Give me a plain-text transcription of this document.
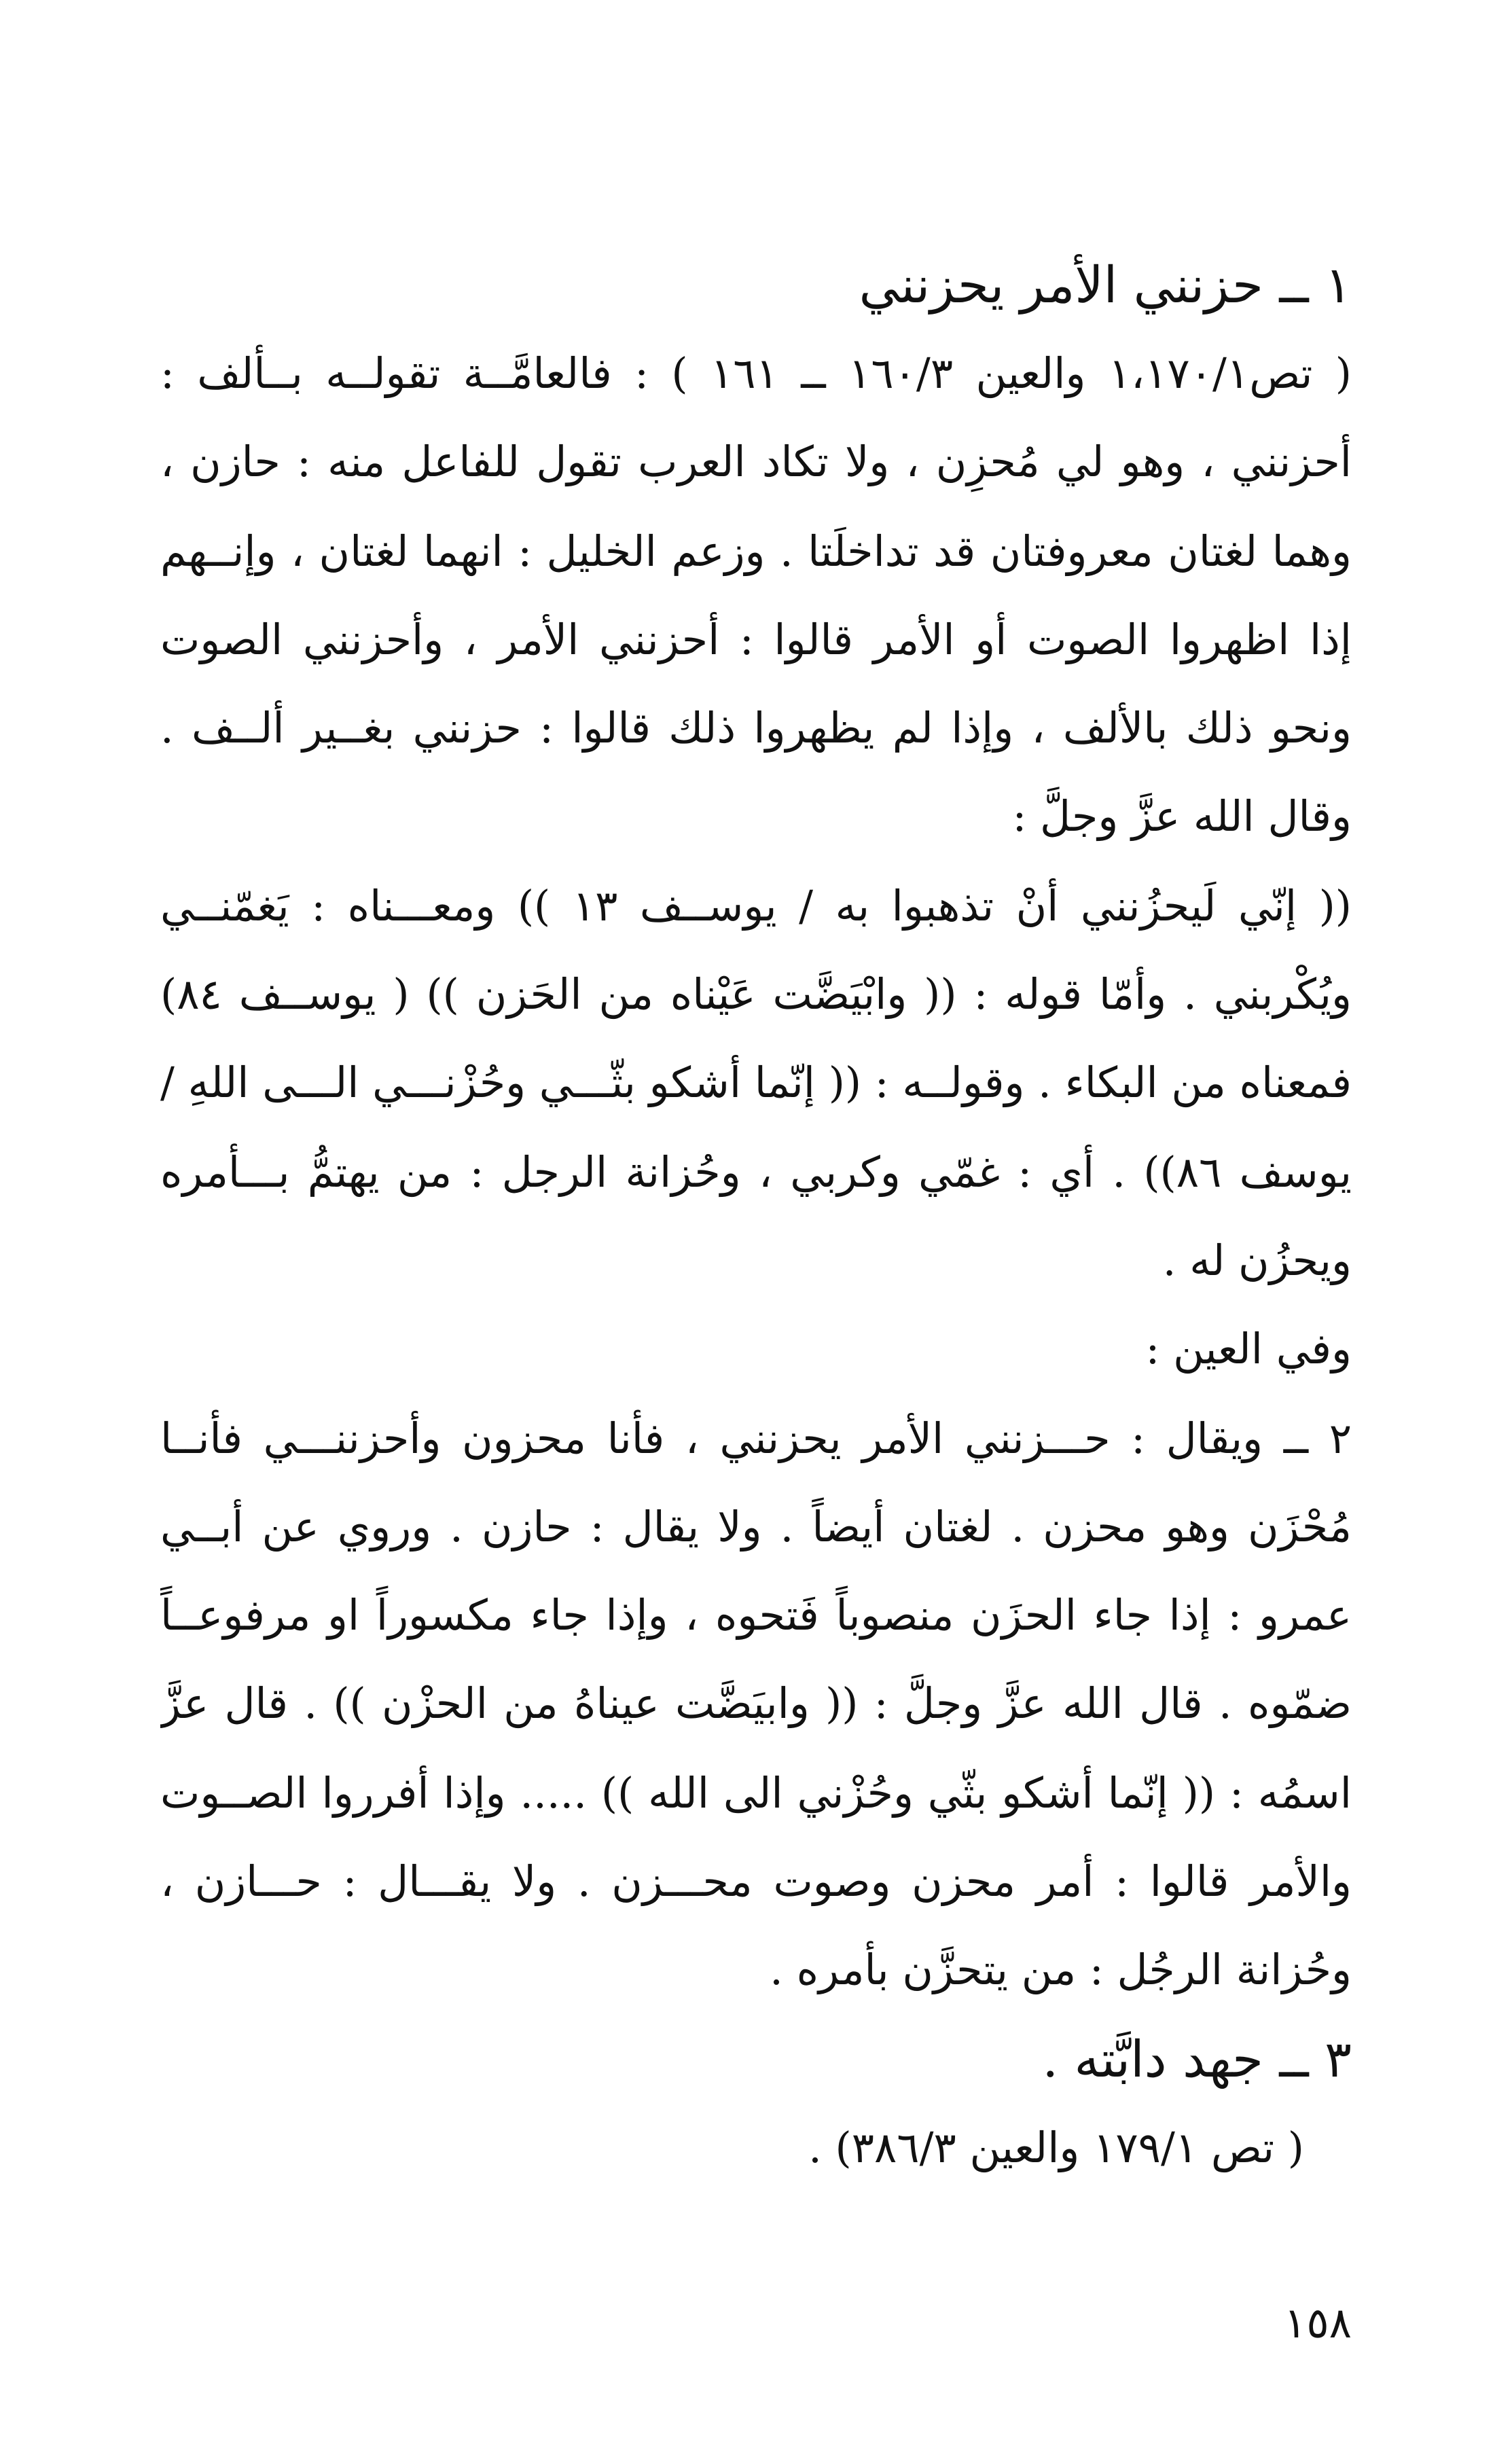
١ ــ حزنني الأمر يحزنني
( تص١،١٧٠/١ والعين ١٦٠/٣ ــ ١٦١ ) : فالعامَّــة تقولــه بــألف :
أحزنني ، وهو لي مُحزِن ، ولا تكاد العرب تقول للفاعل منه : حازن ،
وهما لغتان معروفتان قد تداخلَتا . وزعم الخليل : انهما لغتان ، وإنــهم
إذا اظهروا الصوت أو الأمر قالوا : أحزنني الأمر ، وأحزنني الصوت
ونحو ذلك بالألف ، وإذا لم يظهروا ذلك قالوا : حزنني بغــير ألــف .
وقال الله عزَّ وجلَّ :
(( إنّي لَيحزُنني أنْ تذهبوا به / يوســف ١٣ )) ومعـــناه : يَغمّنــي
ويُكْربني . وأمّا قوله : (( وابْيَضَّت عَيْناه من الحَزن )) ( يوســف ٨٤)
فمعناه من البكاء . وقولــه : (( إنّما أشكو بثّـــي وحُزْنـــي الـــى اللهِ /
يوسف ٨٦)) . أي : غمّي وكربي ، وحُزانة الرجل : من يهتمُّ بـــأمره
ويحزُن له .
وفي العين :
٢ ــ ويقال : حـــزنني الأمر يحزنني ، فأنا محزون وأحزننـــي فأنــا
مُحْزَن وهو محزن . لغتان أيضاً . ولا يقال : حازن . وروي عن أبــي
عمرو : إذا جاء الحزَن منصوباً فَتحوه ، وإذا جاء مكسوراً او مرفوعــاً
ضمّوه . قال الله عزَّ وجلَّ : (( وابيَضَّت عيناهُ من الحزْن )) . قال عزَّ
اسمُه : (( إنّما أشكو بثّي وحُزْني الى الله )) ..... وإذا أفرروا الصــوت
والأمر قالوا : أمر محزن وصوت محـــزن . ولا يقـــال : حـــازن ،
وحُزانة الرجُل : من يتحزَّن بأمره .
٣ ــ جهد دابَّته .
( تص ١٧٩/١ والعين ٣٨٦/٣) .
١٥٨
